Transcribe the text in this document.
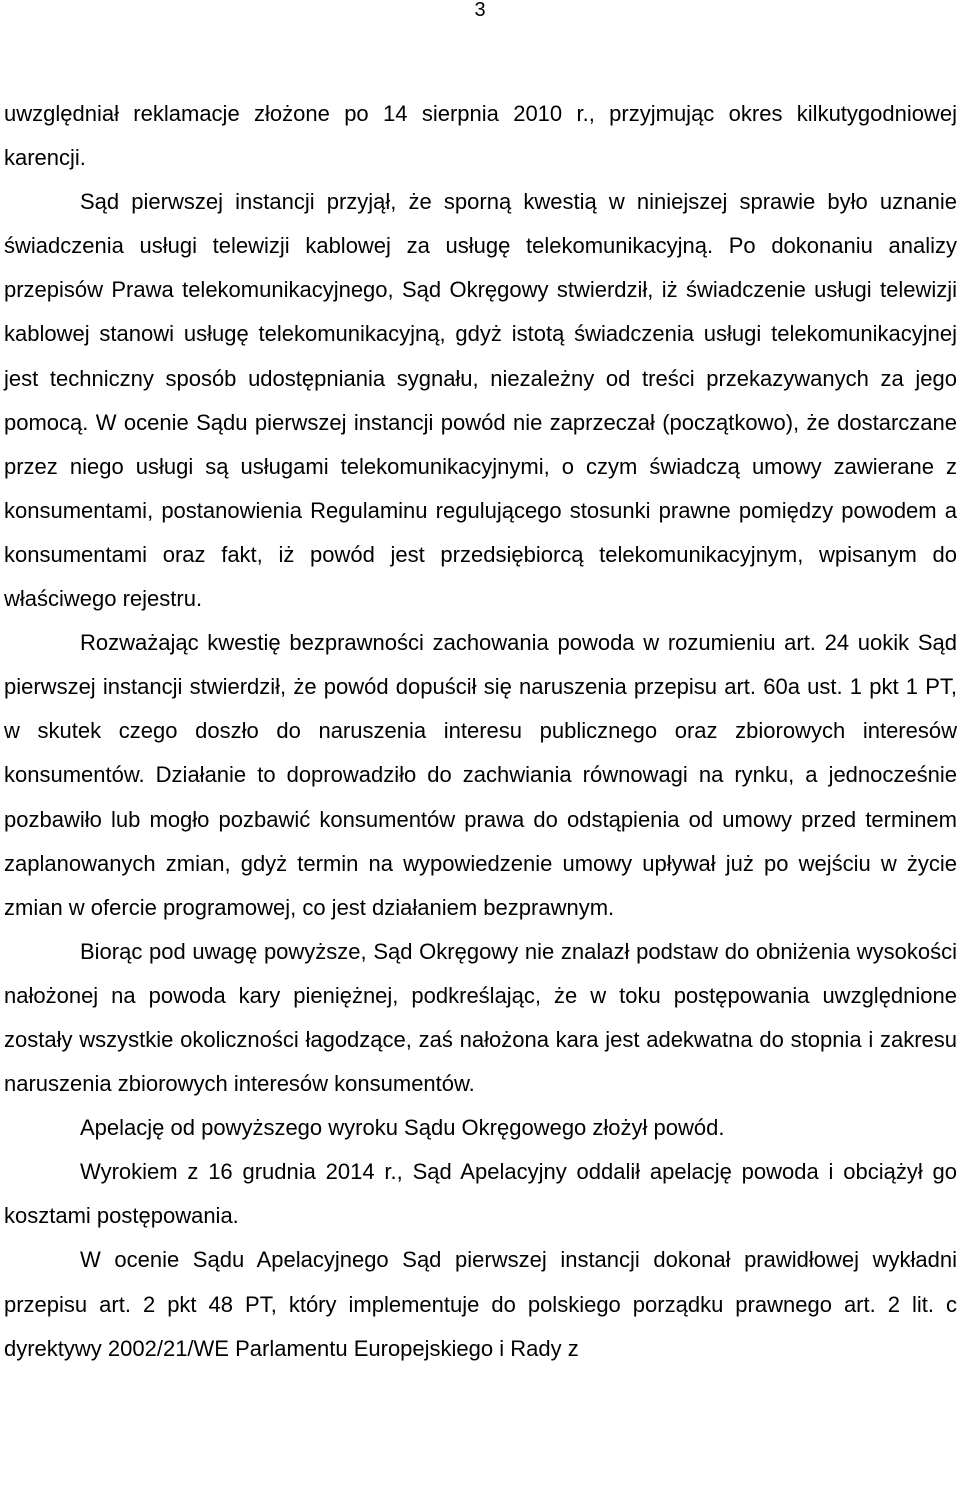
3

uwzględniał reklamacje złożone po 14 sierpnia 2010 r., przyjmując okres kilkutygodniowej karencji.

Sąd pierwszej instancji przyjął, że sporną kwestią w niniejszej sprawie było uznanie świadczenia usługi telewizji kablowej za usługę telekomunikacyjną. Po dokonaniu analizy przepisów Prawa telekomunikacyjnego, Sąd Okręgowy stwierdził, iż świadczenie usługi telewizji kablowej stanowi usługę telekomunikacyjną, gdyż istotą świadczenia usługi telekomunikacyjnej jest techniczny sposób udostępniania sygnału, niezależny od treści przekazywanych za jego pomocą. W ocenie Sądu pierwszej instancji powód nie zaprzeczał (początkowo), że dostarczane przez niego usługi są usługami telekomunikacyjnymi, o czym świadczą umowy zawierane z konsumentami, postanowienia Regulaminu regulującego stosunki prawne pomiędzy powodem a konsumentami oraz fakt, iż powód jest przedsiębiorcą telekomunikacyjnym, wpisanym do właściwego rejestru.

Rozważając kwestię bezprawności zachowania powoda w rozumieniu art. 24 uokik Sąd pierwszej instancji stwierdził, że powód dopuścił się naruszenia przepisu art. 60a ust. 1 pkt 1 PT, w skutek czego doszło do naruszenia interesu publicznego oraz zbiorowych interesów konsumentów. Działanie to doprowadziło do zachwiania równowagi na rynku, a jednocześnie pozbawiło lub mogło pozbawić konsumentów prawa do odstąpienia od umowy przed terminem zaplanowanych zmian, gdyż termin na wypowiedzenie umowy upływał już po wejściu w życie zmian w ofercie programowej, co jest działaniem bezprawnym.

Biorąc pod uwagę powyższe, Sąd Okręgowy nie znalazł podstaw do obniżenia wysokości nałożonej na powoda kary pieniężnej, podkreślając, że w toku postępowania uwzględnione zostały wszystkie okoliczności łagodzące, zaś nałożona kara jest adekwatna do stopnia i zakresu naruszenia zbiorowych interesów konsumentów.

Apelację od powyższego wyroku Sądu Okręgowego złożył powód.

Wyrokiem z 16 grudnia 2014 r., Sąd Apelacyjny oddalił apelację powoda i obciążył go kosztami postępowania.

W ocenie Sądu Apelacyjnego Sąd pierwszej instancji dokonał prawidłowej wykładni przepisu art. 2 pkt 48 PT, który implementuje do polskiego porządku prawnego art. 2 lit. c dyrektywy 2002/21/WE Parlamentu Europejskiego i Rady z
